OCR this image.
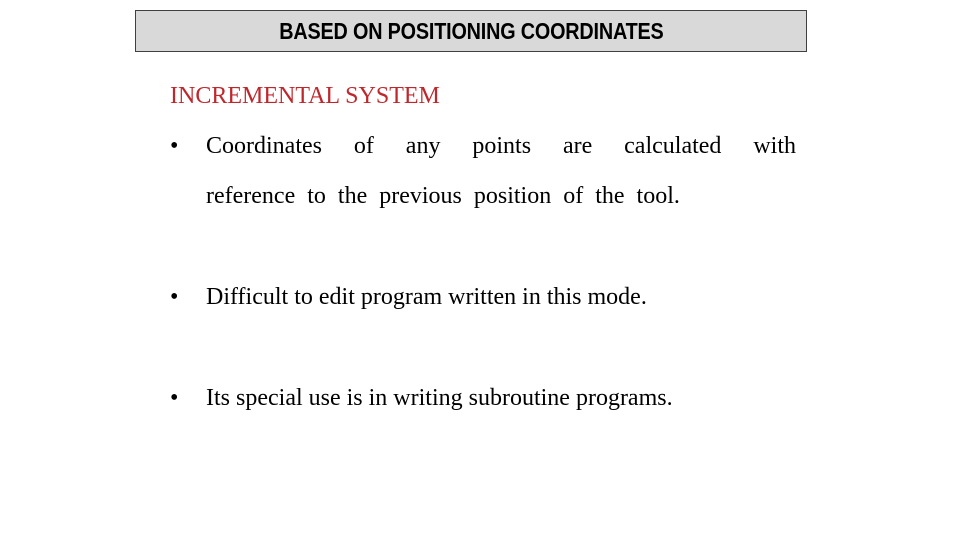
BASED ON POSITIONING COORDINATES
INCREMENTAL SYSTEM
• Coordinates of any points are calculated with
reference to the previous position of the tool.
• Difficult to edit program written in this mode.
• Its special use is in writing subroutine programs.
